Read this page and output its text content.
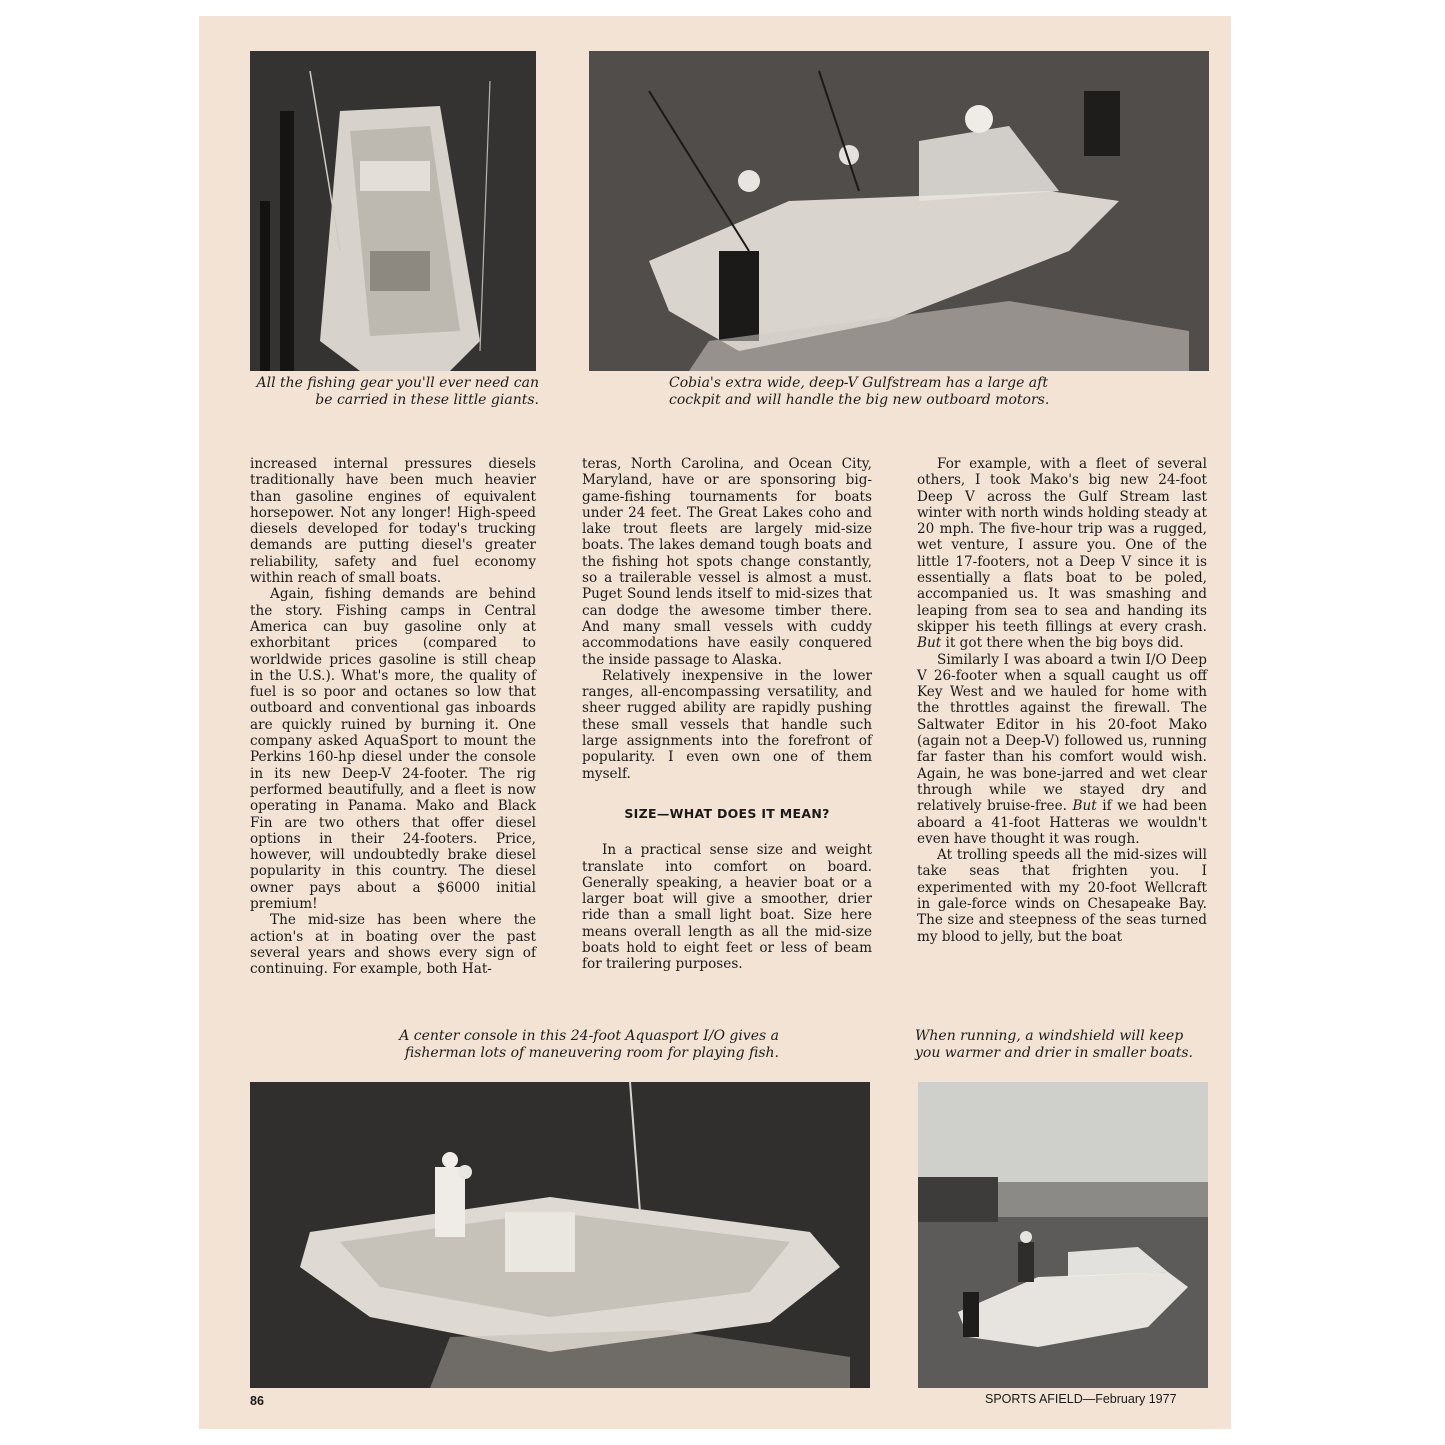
All the fishing gear you'll ever need can be carried in these little giants.
Cobia's extra wide, deep-V Gulfstream has a large aft cockpit and will handle the big new outboard motors.

increased internal pressures diesels traditionally have been much heavier than gasoline engines of equivalent horsepower. Not any longer! High-speed diesels developed for today's trucking demands are putting diesel's greater reliability, safety and fuel economy within reach of small boats.

Again, fishing demands are behind the story. Fishing camps in Central America can buy gasoline only at exhorbitant prices (compared to worldwide prices gasoline is still cheap in the U.S.). What's more, the quality of fuel is so poor and octanes so low that outboard and conventional gas inboards are quickly ruined by burning it. One company asked AquaSport to mount the Perkins 160-hp diesel under the console in its new Deep-V 24-footer. The rig performed beautifully, and a fleet is now operating in Panama. Mako and Black Fin are two others that offer diesel options in their 24-footers. Price, however, will undoubtedly brake diesel popularity in this country. The diesel owner pays about a $6000 initial premium!

The mid-size has been where the action's at in boating over the past several years and shows every sign of continuing. For example, both Hat-

teras, North Carolina, and Ocean City, Maryland, have or are sponsoring big-game-fishing tournaments for boats under 24 feet. The Great Lakes coho and lake trout fleets are largely mid-size boats. The lakes demand tough boats and the fishing hot spots change constantly, so a trailerable vessel is almost a must. Puget Sound lends itself to mid-sizes that can dodge the awesome timber there. And many small vessels with cuddy accommodations have easily conquered the inside passage to Alaska.

Relatively inexpensive in the lower ranges, all-encompassing versatility, and sheer rugged ability are rapidly pushing these small vessels that handle such large assignments into the forefront of popularity. I even own one of them myself.

SIZE—WHAT DOES IT MEAN?

In a practical sense size and weight translate into comfort on board. Generally speaking, a heavier boat or a larger boat will give a smoother, drier ride than a small light boat. Size here means overall length as all the mid-size boats hold to eight feet or less of beam for trailering purposes.

For example, with a fleet of several others, I took Mako's big new 24-foot Deep V across the Gulf Stream last winter with north winds holding steady at 20 mph. The five-hour trip was a rugged, wet venture, I assure you. One of the little 17-footers, not a Deep V since it is essentially a flats boat to be poled, accompanied us. It was smashing and leaping from sea to sea and handing its skipper his teeth fillings at every crash. But it got there when the big boys did.

Similarly I was aboard a twin I/O Deep V 26-footer when a squall caught us off Key West and we hauled for home with the throttles against the firewall. The Saltwater Editor in his 20-foot Mako (again not a Deep-V) followed us, running far faster than his comfort would wish. Again, he was bone-jarred and wet clear through while we stayed dry and relatively bruise-free. But if we had been aboard a 41-foot Hatteras we wouldn't even have thought it was rough.

At trolling speeds all the mid-sizes will take seas that frighten you. I experimented with my 20-foot Wellcraft in gale-force winds on Chesapeake Bay. The size and steepness of the seas turned my blood to jelly, but the boat

A center console in this 24-foot Aquasport I/O gives a fisherman lots of maneuvering room for playing fish.
When running, a windshield will keep you warmer and drier in smaller boats.
86	SPORTS AFIELD—February 1977
